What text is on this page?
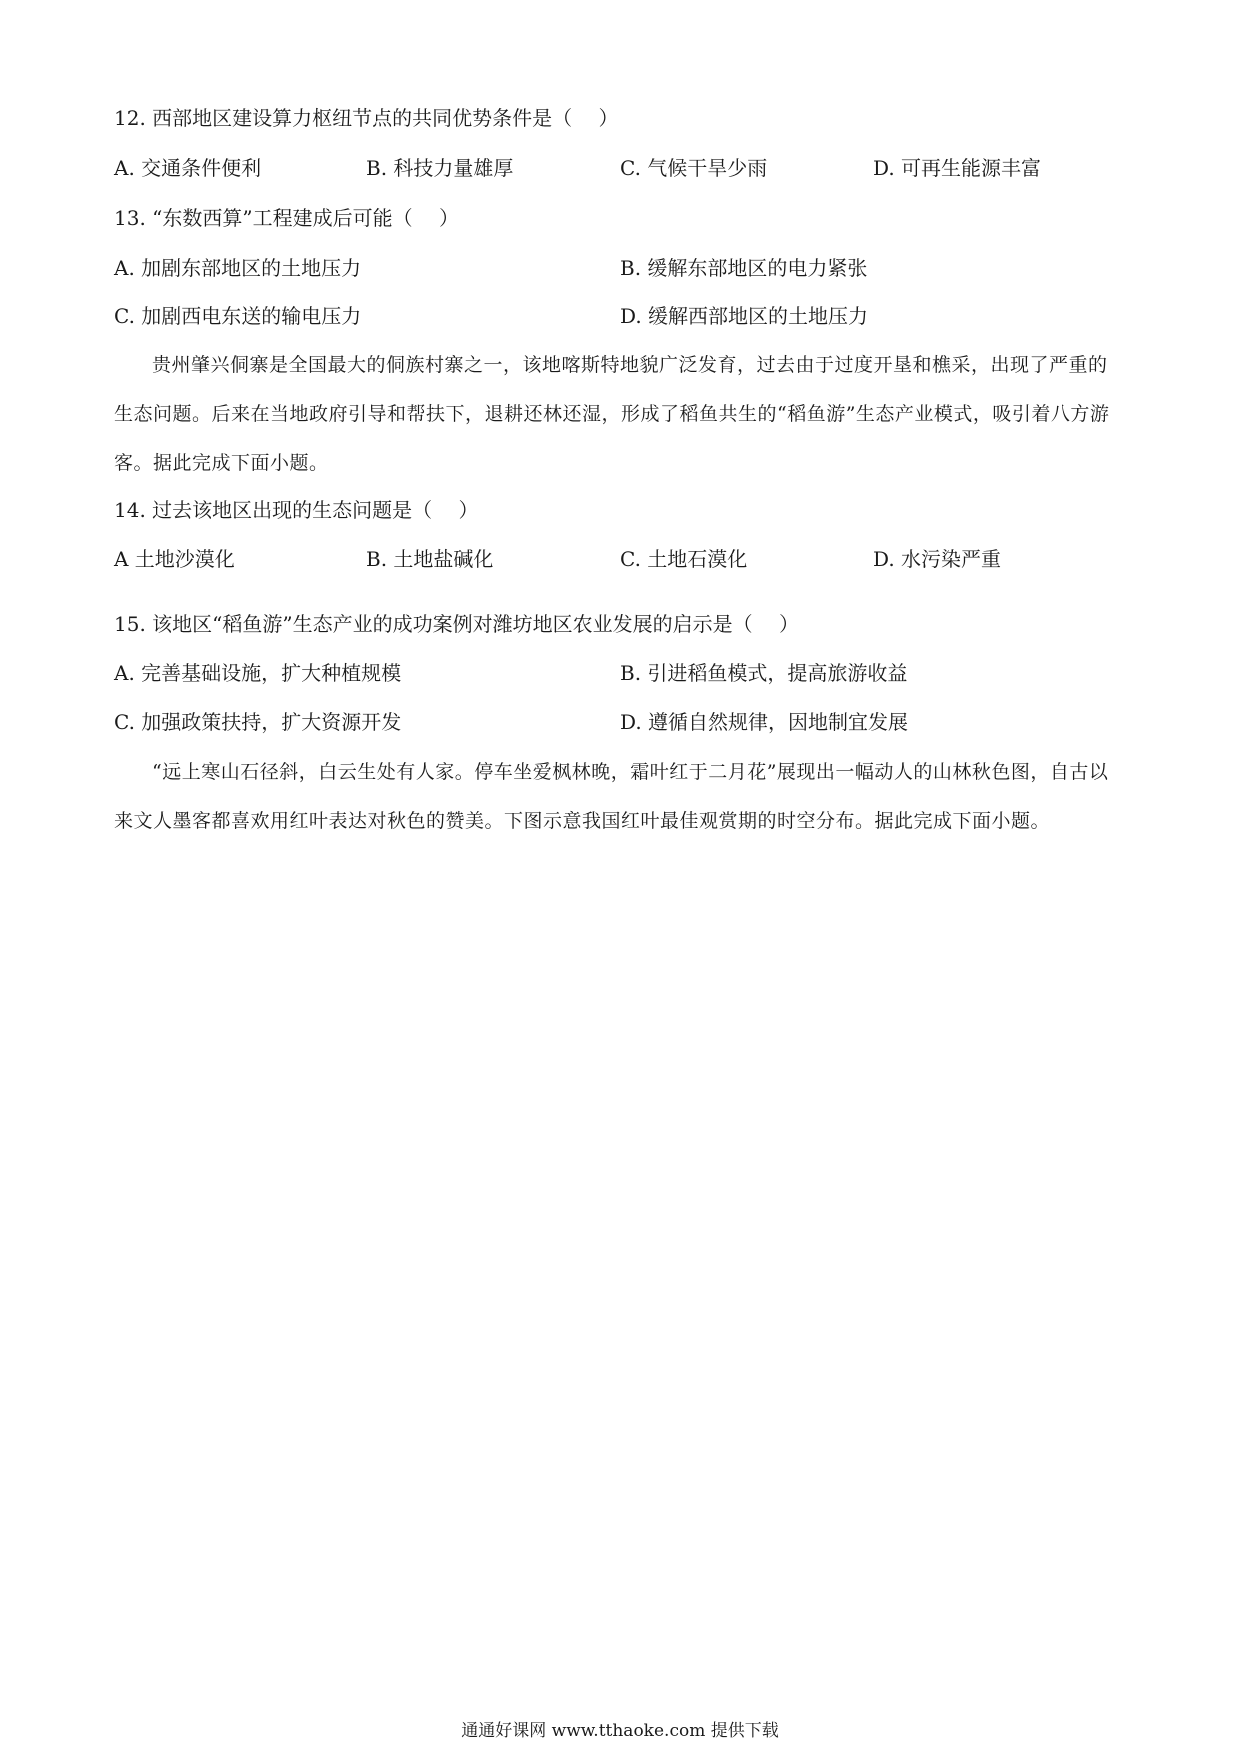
12. 西部地区建设算力枢纽节点的共同优势条件是（　 ）
A. 交通条件便利	B. 科技力量雄厚	C. 气候干旱少雨	D. 可再生能源丰富
13. “东数西算”工程建成后可能（　 ）
A. 加剧东部地区的土地压力	B. 缓解东部地区的电力紧张
C. 加剧西电东送的输电压力	D. 缓解西部地区的土地压力
贵州肇兴侗寨是全国最大的侗族村寨之一，该地喀斯特地貌广泛发育，过去由于过度开垦和樵采，出现了严重的生态问题。后来在当地政府引导和帮扶下，退耕还林还湿，形成了稻鱼共生的“稻鱼游”生态产业模式，吸引着八方游客。据此完成下面小题。
14. 过去该地区出现的生态问题是（　 ）
A 土地沙漠化	B. 土地盐碱化	C. 土地石漠化	D. 水污染严重
15. 该地区“稻鱼游”生态产业的成功案例对潍坊地区农业发展的启示是（　 ）
A. 完善基础设施，扩大种植规模	B. 引进稻鱼模式，提高旅游收益
C. 加强政策扶持，扩大资源开发	D. 遵循自然规律，因地制宜发展
“远上寒山石径斜，白云生处有人家。停车坐爱枫林晚，霜叶红于二月花”展现出一幅动人的山林秋色图，自古以来文人墨客都喜欢用红叶表达对秋色的赞美。下图示意我国红叶最佳观赏期的时空分布。据此完成下面小题。
通通好课网 www.tthaoke.com 提供下载
